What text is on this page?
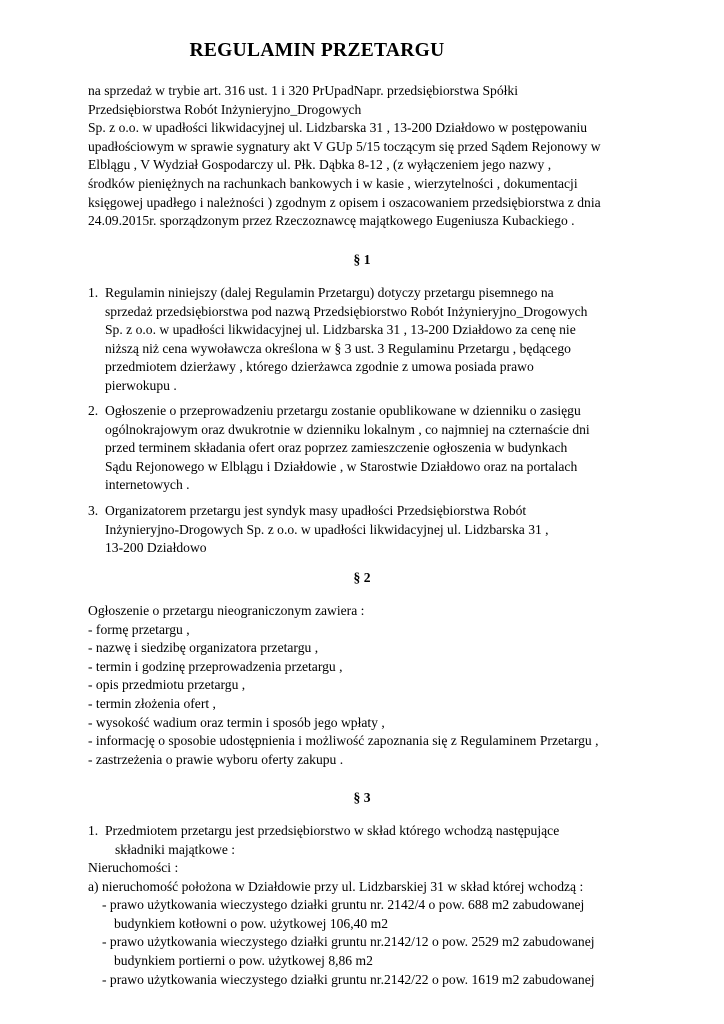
REGULAMIN PRZETARGU

na sprzedaż w trybie art. 316 ust. 1 i 320 PrUpadNapr. przedsiębiorstwa Spółki

Przedsiębiorstwa Robót Inżynieryjno_Drogowych

Sp. z o.o. w upadłości likwidacyjnej ul. Lidzbarska 31 , 13-200 Działdowo w postępowaniu

upadłościowym w sprawie sygnatury akt V GUp 5/15 toczącym się przed Sądem Rejonowy w

Elblągu , V Wydział Gospodarczy ul. Płk. Dąbka 8-12 , (z wyłączeniem jego nazwy ,

środków pieniężnych na rachunkach bankowych i w kasie , wierzytelności , dokumentacji

księgowej upadłego i należności ) zgodnym z opisem i oszacowaniem przedsiębiorstwa z dnia

24.09.2015r. sporządzonym przez Rzeczoznawcę majątkowego Eugeniusza Kubackiego .

§ 1

1. Regulamin niniejszy (dalej Regulamin Przetargu) dotyczy przetargu pisemnego na

sprzedaż przedsiębiorstwa pod nazwą Przedsiębiorstwo Robót Inżynieryjno_Drogowych

Sp. z o.o. w upadłości likwidacyjnej ul. Lidzbarska 31 , 13-200 Działdowo za cenę nie

niższą niż cena wywoławcza określona w § 3 ust. 3 Regulaminu Przetargu , będącego

przedmiotem dzierżawy , którego dzierżawca zgodnie z umowa posiada prawo

pierwokupu .

2. Ogłoszenie o przeprowadzeniu przetargu zostanie opublikowane w dzienniku o zasięgu

ogólnokrajowym oraz dwukrotnie w dzienniku lokalnym , co najmniej na czternaście dni

przed terminem składania ofert oraz poprzez zamieszczenie ogłoszenia w budynkach

Sądu Rejonowego w Elblągu i Działdowie , w Starostwie Działdowo oraz na portalach

internetowych .

3. Organizatorem przetargu jest syndyk masy upadłości Przedsiębiorstwa Robót

Inżynieryjno-Drogowych Sp. z o.o. w upadłości likwidacyjnej ul. Lidzbarska 31 ,

13-200 Działdowo

§ 2

Ogłoszenie o przetargu nieograniczonym zawiera :

- formę przetargu ,

- nazwę i siedzibę organizatora przetargu ,

- termin i godzinę przeprowadzenia przetargu ,

- opis przedmiotu przetargu ,

- termin złożenia ofert ,

- wysokość wadium oraz termin i sposób jego wpłaty ,

- informację o sposobie udostępnienia i możliwość zapoznania się z Regulaminem Przetargu ,

- zastrzeżenia o prawie wyboru oferty zakupu .

§ 3

1. Przedmiotem przetargu jest przedsiębiorstwo w skład którego wchodzą następujące

składniki majątkowe :

Nieruchomości :

a) nieruchomość położona w Działdowie przy ul. Lidzbarskiej 31 w skład której wchodzą :

- prawo użytkowania wieczystego działki gruntu nr. 2142/4 o pow. 688 m2 zabudowanej

budynkiem kotłowni o pow. użytkowej 106,40 m2

- prawo użytkowania wieczystego działki gruntu nr.2142/12 o pow. 2529 m2 zabudowanej

budynkiem portierni o pow. użytkowej 8,86 m2

- prawo użytkowania wieczystego działki gruntu nr.2142/22 o pow. 1619 m2 zabudowanej
